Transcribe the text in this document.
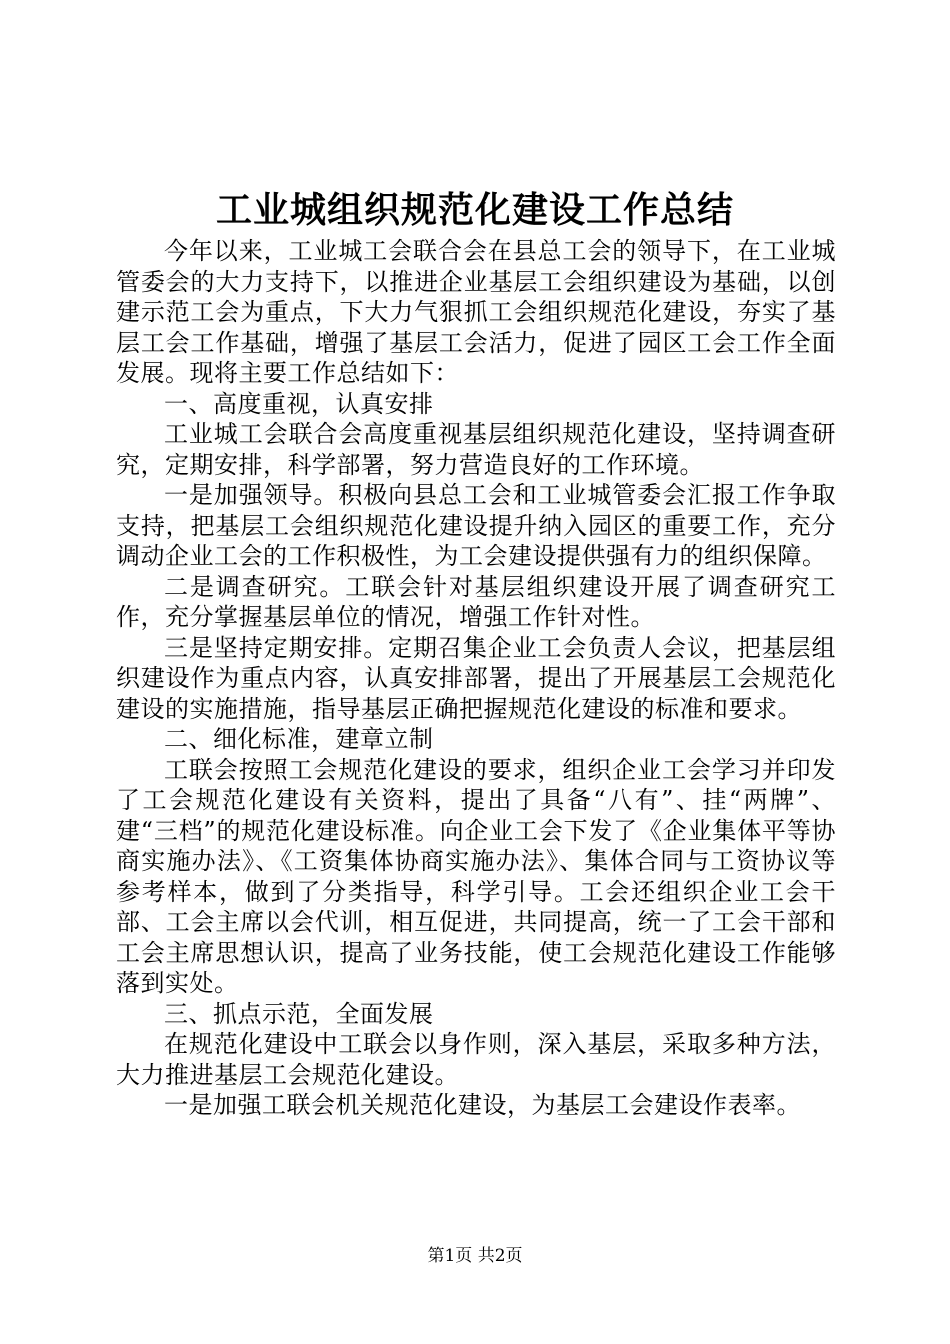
工业城组织规范化建设工作总结

今年以来，工业城工会联合会在县总工会的领导下，在工业城管委会的大力支持下，以推进企业基层工会组织建设为基础，以创建示范工会为重点，下大力气狠抓工会组织规范化建设，夯实了基层工会工作基础，增强了基层工会活力，促进了园区工会工作全面发展。现将主要工作总结如下：

一、高度重视，认真安排

工业城工会联合会高度重视基层组织规范化建设，坚持调查研究，定期安排，科学部署，努力营造良好的工作环境。

一是加强领导。积极向县总工会和工业城管委会汇报工作争取支持，把基层工会组织规范化建设提升纳入园区的重要工作，充分调动企业工会的工作积极性，为工会建设提供强有力的组织保障。

二是调查研究。工联会针对基层组织建设开展了调查研究工作，充分掌握基层单位的情况，增强工作针对性。

三是坚持定期安排。定期召集企业工会负责人会议，把基层组织建设作为重点内容，认真安排部署，提出了开展基层工会规范化建设的实施措施，指导基层正确把握规范化建设的标准和要求。

二、细化标准，建章立制

工联会按照工会规范化建设的要求，组织企业工会学习并印发了工会规范化建设有关资料，提出了具备“八有”、挂“两牌”、建“三档”的规范化建设标准。向企业工会下发了《企业集体平等协商实施办法》、《工资集体协商实施办法》、集体合同与工资协议等参考样本，做到了分类指导，科学引导。工会还组织企业工会干部、工会主席以会代训，相互促进，共同提高，统一了工会干部和工会主席思想认识，提高了业务技能，使工会规范化建设工作能够落到实处。

三、抓点示范，全面发展

在规范化建设中工联会以身作则，深入基层，采取多种方法，大力推进基层工会规范化建设。

一是加强工联会机关规范化建设，为基层工会建设作表率。

第1页 共2页
